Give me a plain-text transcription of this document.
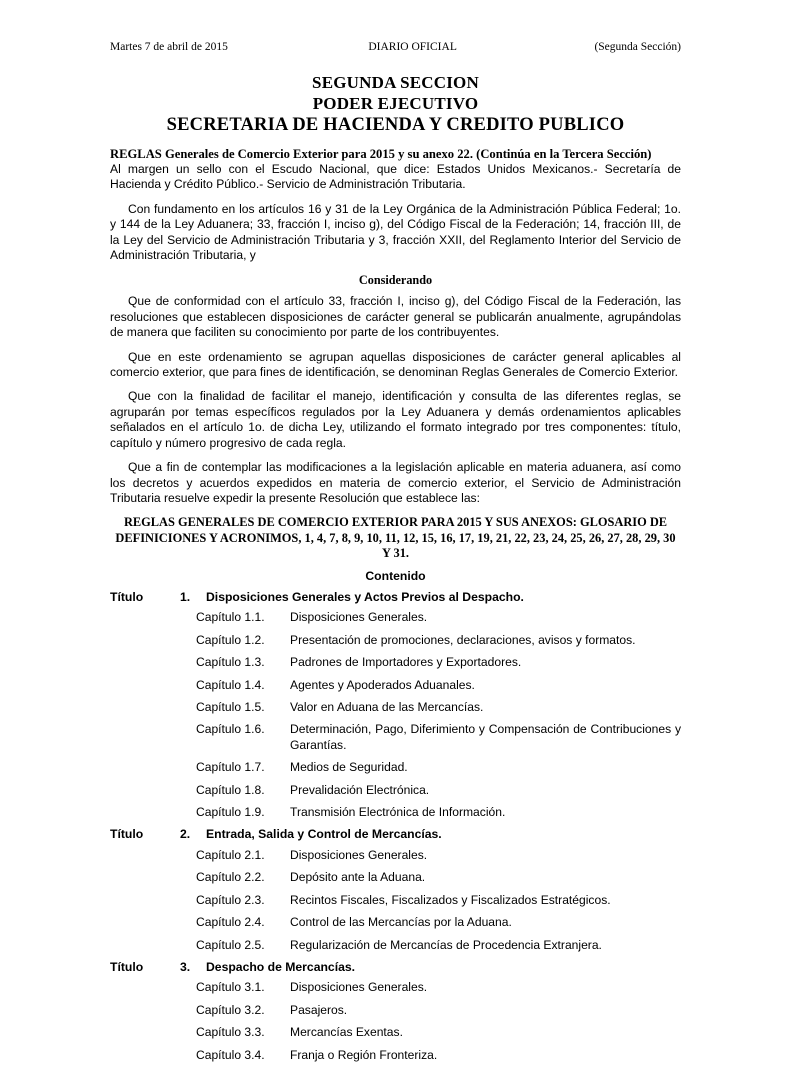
Martes 7 de abril de 2015	DIARIO OFICIAL	(Segunda Sección)
SEGUNDA SECCION
PODER EJECUTIVO
SECRETARIA DE HACIENDA Y CREDITO PUBLICO
REGLAS Generales de Comercio Exterior para 2015 y su anexo 22. (Continúa en la Tercera Sección)

Al margen un sello con el Escudo Nacional, que dice: Estados Unidos Mexicanos.- Secretaría de Hacienda y Crédito Público.- Servicio de Administración Tributaria.

Con fundamento en los artículos 16 y 31 de la Ley Orgánica de la Administración Pública Federal; 1o. y 144 de la Ley Aduanera; 33, fracción I, inciso g), del Código Fiscal de la Federación; 14, fracción III, de la Ley del Servicio de Administración Tributaria y 3, fracción XXII, del Reglamento Interior del Servicio de Administración Tributaria, y

Considerando

Que de conformidad con el artículo 33, fracción I, inciso g), del Código Fiscal de la Federación, las resoluciones que establecen disposiciones de carácter general se publicarán anualmente, agrupándolas de manera que faciliten su conocimiento por parte de los contribuyentes.

Que en este ordenamiento se agrupan aquellas disposiciones de carácter general aplicables al comercio exterior, que para fines de identificación, se denominan Reglas Generales de Comercio Exterior.

Que con la finalidad de facilitar el manejo, identificación y consulta de las diferentes reglas, se agruparán por temas específicos regulados por la Ley Aduanera y demás ordenamientos aplicables señalados en el artículo 1o. de dicha Ley, utilizando el formato integrado por tres componentes: título, capítulo y número progresivo de cada regla.

Que a fin de contemplar las modificaciones a la legislación aplicable en materia aduanera, así como los decretos y acuerdos expedidos en materia de comercio exterior, el Servicio de Administración Tributaria resuelve expedir la presente Resolución que establece las:

REGLAS GENERALES DE COMERCIO EXTERIOR PARA 2015 Y SUS ANEXOS: GLOSARIO DE DEFINICIONES Y ACRONIMOS, 1, 4, 7, 8, 9, 10, 11, 12, 15, 16, 17, 19, 21, 22, 23, 24, 25, 26, 27, 28, 29, 30 Y 31.
Contenido
Título	1.	Disposiciones Generales y Actos Previos al Despacho.
Capítulo 1.1.	Disposiciones Generales.
Capítulo 1.2.	Presentación de promociones, declaraciones, avisos y formatos.
Capítulo 1.3.	Padrones de Importadores y Exportadores.
Capítulo 1.4.	Agentes y Apoderados Aduanales.
Capítulo 1.5.	Valor en Aduana de las Mercancías.
Capítulo 1.6.	Determinación, Pago, Diferimiento y Compensación de Contribuciones y Garantías.
Capítulo 1.7.	Medios de Seguridad.
Capítulo 1.8.	Prevalidación Electrónica.
Capítulo 1.9.	Transmisión Electrónica de Información.
Título	2.	Entrada, Salida y Control de Mercancías.
Capítulo 2.1.	Disposiciones Generales.
Capítulo 2.2.	Depósito ante la Aduana.
Capítulo 2.3.	Recintos Fiscales, Fiscalizados y Fiscalizados Estratégicos.
Capítulo 2.4.	Control de las Mercancías por la Aduana.
Capítulo 2.5.	Regularización de Mercancías de Procedencia Extranjera.
Título	3.	Despacho de Mercancías.
Capítulo 3.1.	Disposiciones Generales.
Capítulo 3.2.	Pasajeros.
Capítulo 3.3.	Mercancías Exentas.
Capítulo 3.4.	Franja o Región Fronteriza.
